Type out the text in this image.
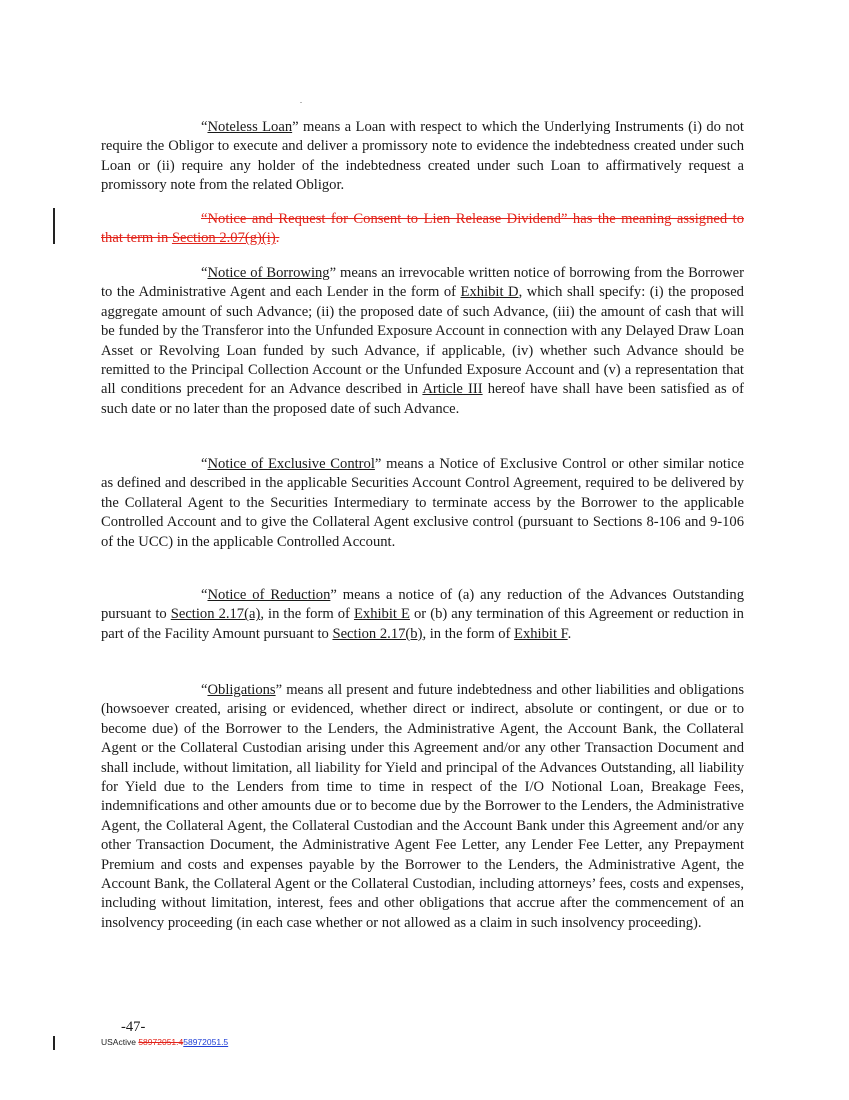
.

“Noteless Loan” means a Loan with respect to which the Underlying Instruments (i) do not require the Obligor to execute and deliver a promissory note to evidence the indebtedness created under such Loan or (ii) require any holder of the indebtedness created under such Loan to affirmatively request a promissory note from the related Obligor.

“Notice and Request for Consent to Lien Release Dividend” has the meaning assigned to that term in Section 2.07(g)(i).

“Notice of Borrowing” means an irrevocable written notice of borrowing from the Borrower to the Administrative Agent and each Lender in the form of Exhibit D, which shall specify: (i) the proposed aggregate amount of such Advance; (ii) the proposed date of such Advance, (iii) the amount of cash that will be funded by the Transferor into the Unfunded Exposure Account in connection with any Delayed Draw Loan Asset or Revolving Loan funded by such Advance, if applicable, (iv) whether such Advance should be remitted to the Principal Collection Account or the Unfunded Exposure Account and (v) a representation that all conditions precedent for an Advance described in Article III hereof have shall have been satisfied as of such date or no later than the proposed date of such Advance.

“Notice of Exclusive Control” means a Notice of Exclusive Control or other similar notice as defined and described in the applicable Securities Account Control Agreement, required to be delivered by the Collateral Agent to the Securities Intermediary to terminate access by the Borrower to the applicable Controlled Account and to give the Collateral Agent exclusive control (pursuant to Sections 8-106 and 9-106 of the UCC) in the applicable Controlled Account.

“Notice of Reduction” means a notice of (a) any reduction of the Advances Outstanding pursuant to Section 2.17(a), in the form of Exhibit E or (b) any termination of this Agreement or reduction in part of the Facility Amount pursuant to Section 2.17(b), in the form of Exhibit F.

“Obligations” means all present and future indebtedness and other liabilities and obligations (howsoever created, arising or evidenced, whether direct or indirect, absolute or contingent, or due or to become due) of the Borrower to the Lenders, the Administrative Agent, the Account Bank, the Collateral Agent or the Collateral Custodian arising under this Agreement and/or any other Transaction Document and shall include, without limitation, all liability for Yield and principal of the Advances Outstanding, all liability for Yield due to the Lenders from time to time in respect of the I/O Notional Loan, Breakage Fees, indemnifications and other amounts due or to become due by the Borrower to the Lenders, the Administrative Agent, the Collateral Agent, the Collateral Custodian and the Account Bank under this Agreement and/or any other Transaction Document, the Administrative Agent Fee Letter, any Lender Fee Letter, any Prepayment Premium and costs and expenses payable by the Borrower to the Lenders, the Administrative Agent, the Account Bank, the Collateral Agent or the Collateral Custodian, including attorneys’ fees, costs and expenses, including without limitation, interest, fees and other obligations that accrue after the commencement of an insolvency proceeding (in each case whether or not allowed as a claim in such insolvency proceeding).

-47-
USActive 58972051.458972051.5
